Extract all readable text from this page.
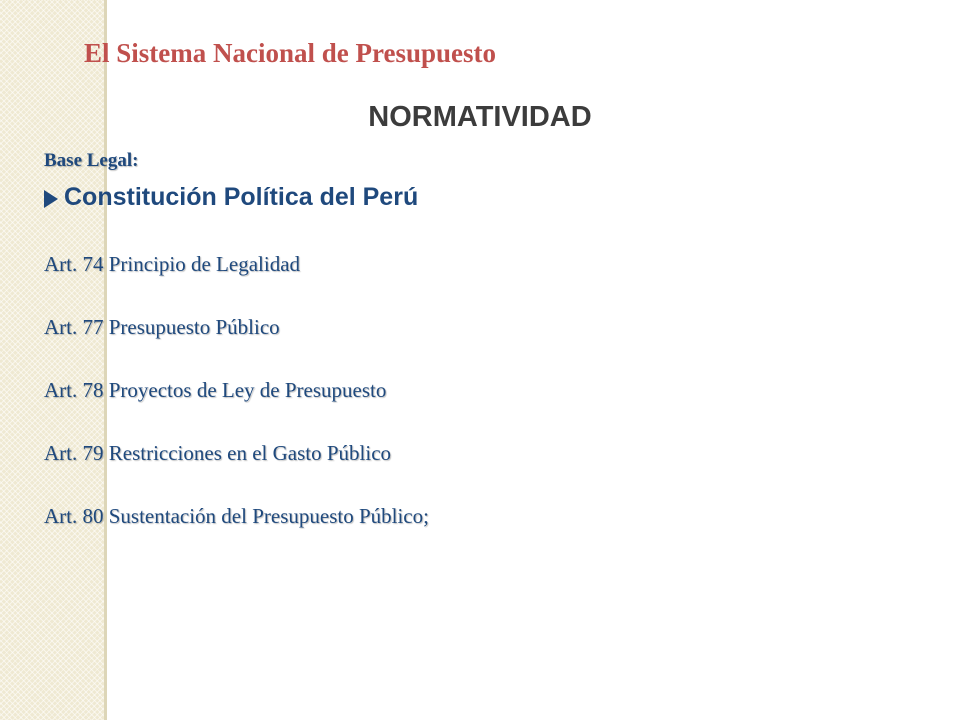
El Sistema Nacional de Presupuesto
NORMATIVIDAD
Base Legal:
Constitución Política del Perú
Art. 74 Principio de Legalidad
Art. 77 Presupuesto Público
Art. 78 Proyectos de Ley de Presupuesto
Art. 79 Restricciones en el Gasto Público
Art. 80 Sustentación del Presupuesto Público;
